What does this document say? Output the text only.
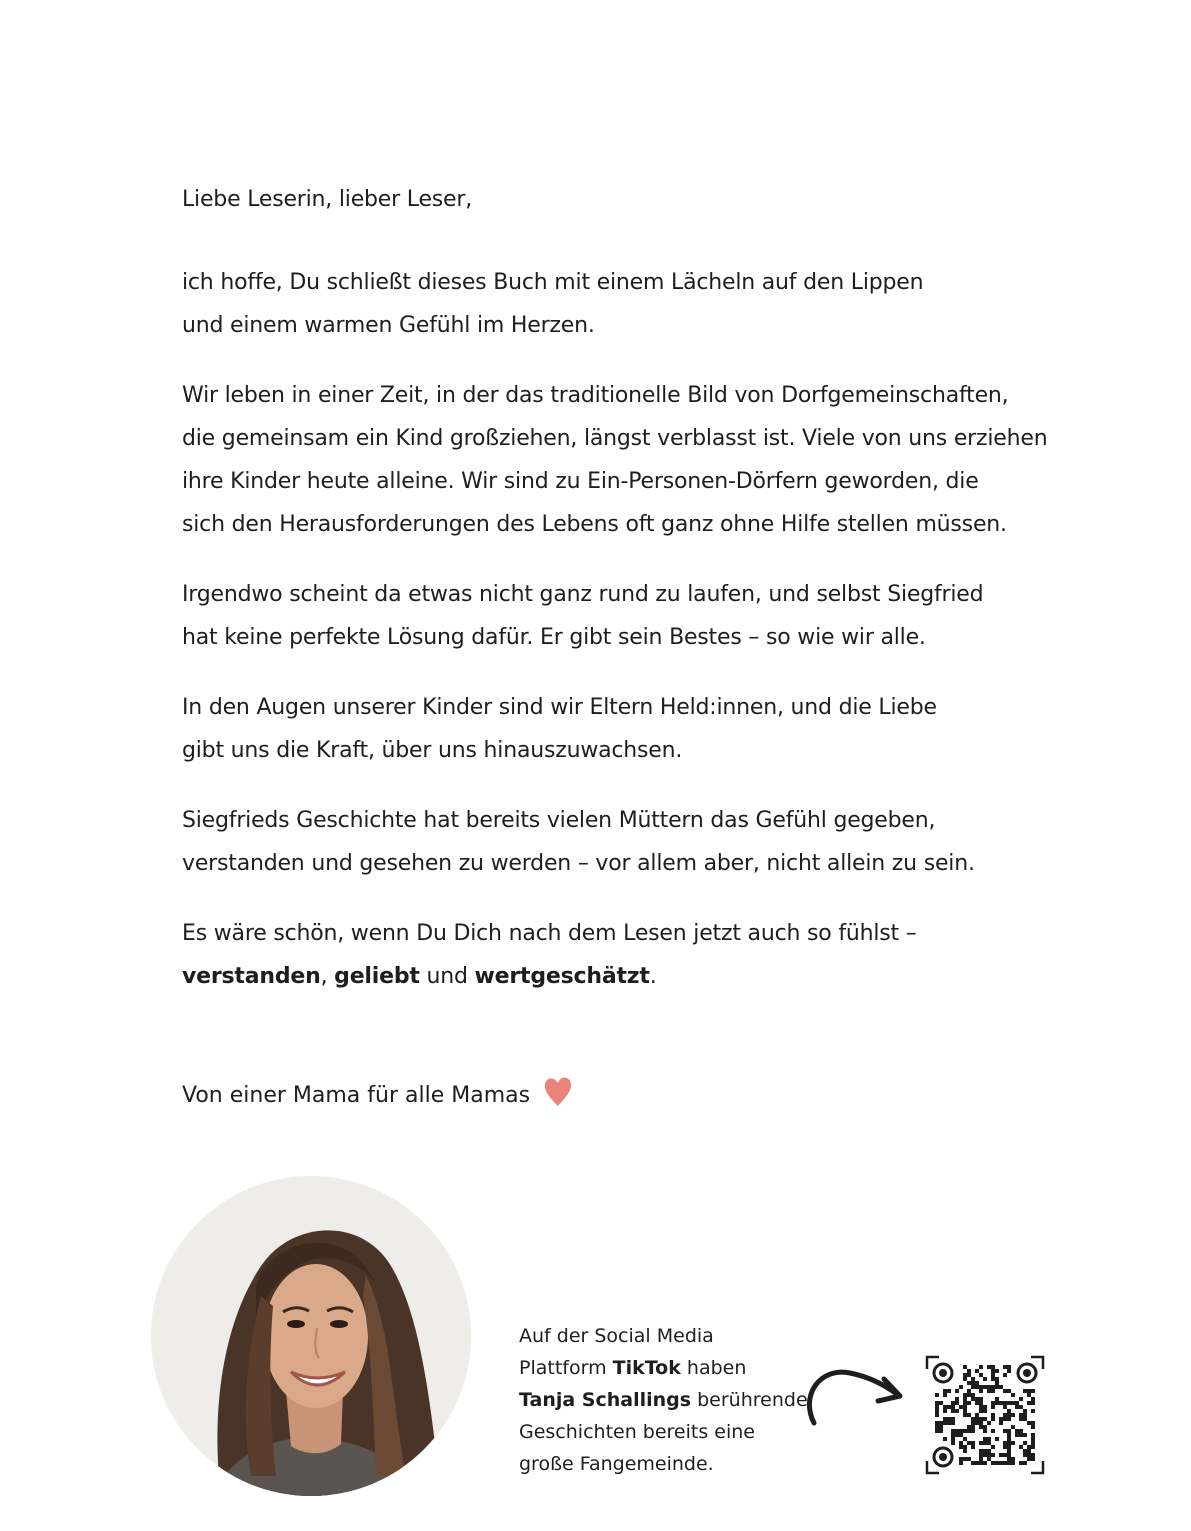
Liebe Leserin, lieber Leser,

ich hoffe, Du schließt dieses Buch mit einem Lächeln auf den Lippen
und einem warmen Gefühl im Herzen.

Wir leben in einer Zeit, in der das traditionelle Bild von Dorfgemeinschaften,
die gemeinsam ein Kind großziehen, längst verblasst ist. Viele von uns erziehen
ihre Kinder heute alleine. Wir sind zu Ein-Personen-Dörfern geworden, die
sich den Herausforderungen des Lebens oft ganz ohne Hilfe stellen müssen.

Irgendwo scheint da etwas nicht ganz rund zu laufen, und selbst Siegfried
hat keine perfekte Lösung dafür. Er gibt sein Bestes – so wie wir alle.

In den Augen unserer Kinder sind wir Eltern Held:innen, und die Liebe
gibt uns die Kraft, über uns hinauszuwachsen.

Siegfrieds Geschichte hat bereits vielen Müttern das Gefühl gegeben,
verstanden und gesehen zu werden – vor allem aber, nicht allein zu sein.

Es wäre schön, wenn Du Dich nach dem Lesen jetzt auch so fühlst –
verstanden, geliebt und wertgeschätzt.

Von einer Mama für alle Mamas
Auf der Social Media
Plattform TikTok haben
Tanja Schallings berührende
Geschichten bereits eine
große Fangemeinde.
